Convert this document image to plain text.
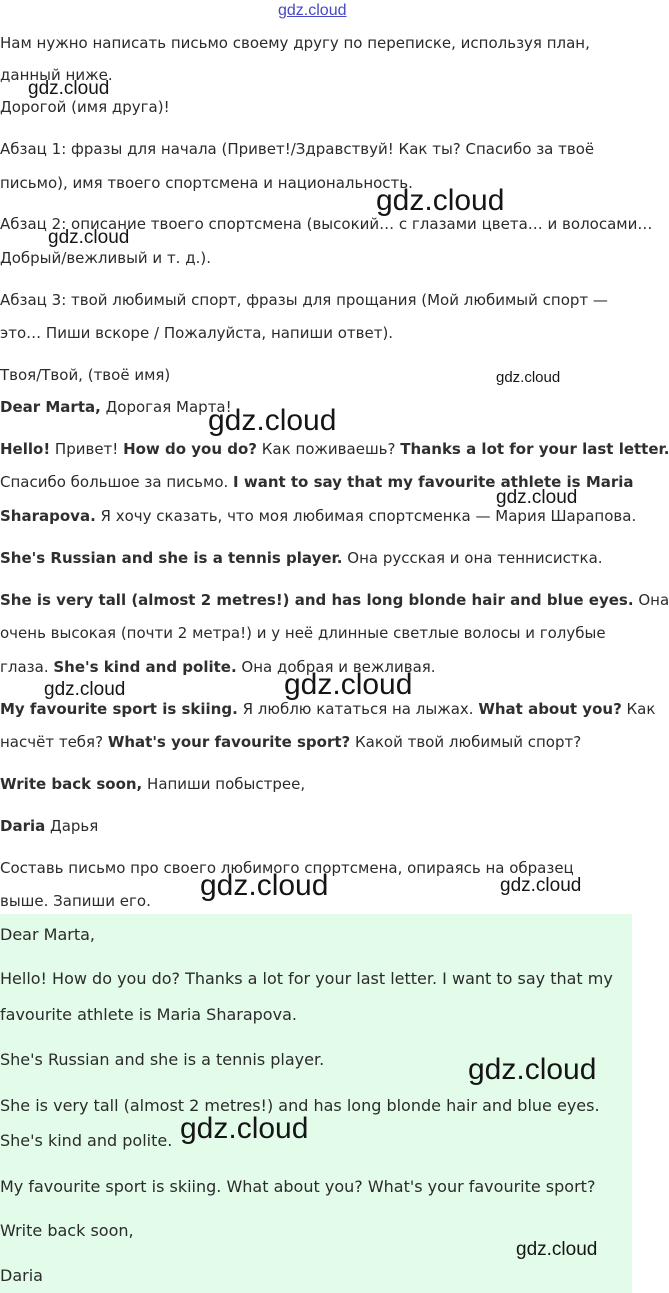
gdz.cloud
Нам нужно написать письмо своему другу по переписке, используя план,
данный ниже.
Дорогой (имя друга)!
Абзац 1: фразы для начала (Привет!/Здравствуй! Как ты? Спасибо за твоё
письмо), имя твоего спортсмена и национальность.
Абзац 2: описание твоего спортсмена (высокий… с глазами цвета… и волосами…
Добрый/вежливый и т. д.).
Абзац 3: твой любимый спорт, фразы для прощания (Мой любимый спорт —
это… Пиши вскоре / Пожалуйста, напиши ответ).
Твоя/Твой, (твоё имя)
Dear Marta, Дорогая Марта!
Hello! Привет! How do you do? Как поживаешь? Thanks a lot for your last letter.
Спасибо большое за письмо. I want to say that my favourite athlete is Maria
Sharapova. Я хочу сказать, что моя любимая спортсменка — Мария Шарапова.
She's Russian and she is a tennis player. Она русская и она теннисистка.
She is very tall (almost 2 metres!) and has long blonde hair and blue eyes. Она
очень высокая (почти 2 метра!) и у неё длинные светлые волосы и голубые
глаза. She's kind and polite. Она добрая и вежливая.
My favourite sport is skiing. Я люблю кататься на лыжах. What about you? Как
насчёт тебя? What's your favourite sport? Какой твой любимый спорт?
Write back soon, Напиши побыстрее,
Daria Дарья
Составь письмо про своего любимого спортсмена, опираясь на образец
выше. Запиши его.
Dear Marta,
Hello! How do you do? Thanks a lot for your last letter. I want to say that my
favourite athlete is Maria Sharapova.
She's Russian and she is a tennis player.
She is very tall (almost 2 metres!) and has long blonde hair and blue eyes.
She's kind and polite.
My favourite sport is skiing. What about you? What's your favourite sport?
Write back soon,
Daria
gdz.cloud
gdz.cloud
gdz.cloud
gdz.cloud
gdz.cloud
gdz.cloud
gdz.cloud	gdz.cloud
gdz.cloud	gdz.cloud
gdz.cloud
gdz.cloud
gdz.cloud
